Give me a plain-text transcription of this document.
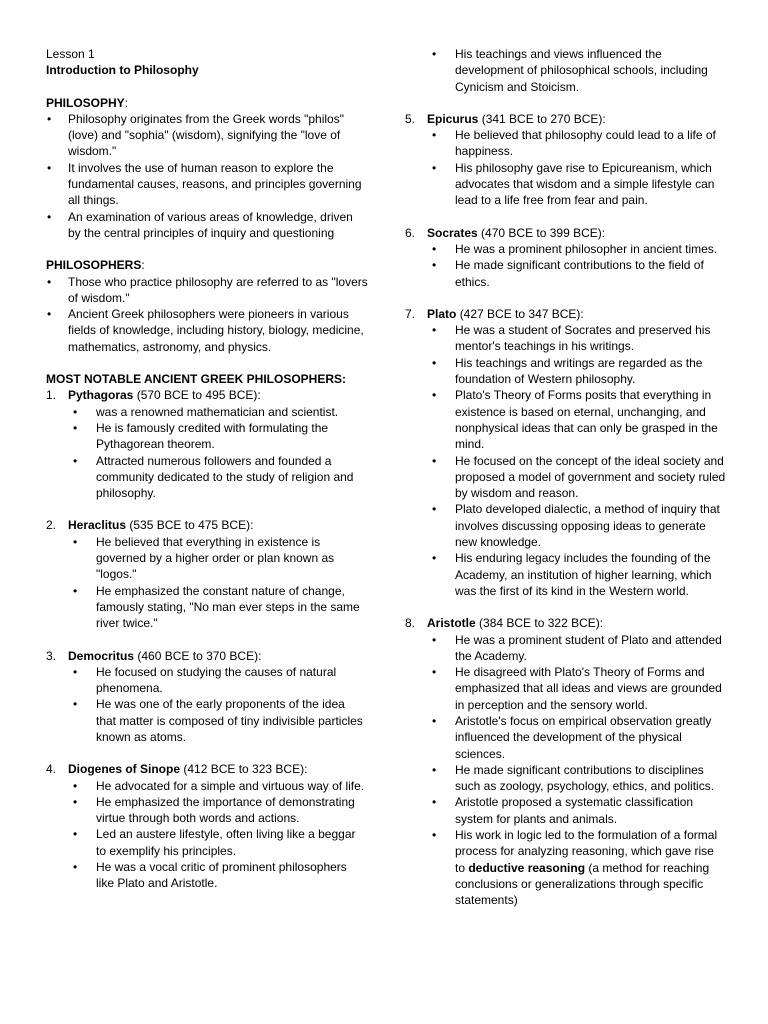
Lesson 1

Introduction to Philosophy

PHILOSOPHY:

• Philosophy originates from the Greek words "philos" (love) and "sophia" (wisdom), signifying the "love of wisdom."
• It involves the use of human reason to explore the fundamental causes, reasons, and principles governing all things.
• An examination of various areas of knowledge, driven by the central principles of inquiry and questioning

PHILOSOPHERS:

• Those who practice philosophy are referred to as "lovers of wisdom."
• Ancient Greek philosophers were pioneers in various fields of knowledge, including history, biology, medicine, mathematics, astronomy, and physics.

MOST NOTABLE ANCIENT GREEK PHILOSOPHERS:

1. Pythagoras (570 BCE to 495 BCE):

• was a renowned mathematician and scientist.
• He is famously credited with formulating the Pythagorean theorem.
• Attracted numerous followers and founded a community dedicated to the study of religion and philosophy.

2. Heraclitus (535 BCE to 475 BCE):

• He believed that everything in existence is governed by a higher order or plan known as "logos."
• He emphasized the constant nature of change, famously stating, "No man ever steps in the same river twice."

3. Democritus (460 BCE to 370 BCE):

• He focused on studying the causes of natural phenomena.
• He was one of the early proponents of the idea that matter is composed of tiny indivisible particles known as atoms.

4. Diogenes of Sinope (412 BCE to 323 BCE):

• He advocated for a simple and virtuous way of life.
• He emphasized the importance of demonstrating virtue through both words and actions.
• Led an austere lifestyle, often living like a beggar to exemplify his principles.
• He was a vocal critic of prominent philosophers like Plato and Aristotle.
• His teachings and views influenced the development of philosophical schools, including Cynicism and Stoicism.

5. Epicurus (341 BCE to 270 BCE):

• He believed that philosophy could lead to a life of happiness.
• His philosophy gave rise to Epicureanism, which advocates that wisdom and a simple lifestyle can lead to a life free from fear and pain.

6. Socrates (470 BCE to 399 BCE):

• He was a prominent philosopher in ancient times.
• He made significant contributions to the field of ethics.

7. Plato (427 BCE to 347 BCE):

• He was a student of Socrates and preserved his mentor's teachings in his writings.
• His teachings and writings are regarded as the foundation of Western philosophy.
• Plato's Theory of Forms posits that everything in existence is based on eternal, unchanging, and nonphysical ideas that can only be grasped in the mind.
• He focused on the concept of the ideal society and proposed a model of government and society ruled by wisdom and reason.
• Plato developed dialectic, a method of inquiry that involves discussing opposing ideas to generate new knowledge.
• His enduring legacy includes the founding of the Academy, an institution of higher learning, which was the first of its kind in the Western world.

8. Aristotle (384 BCE to 322 BCE):

• He was a prominent student of Plato and attended the Academy.
• He disagreed with Plato's Theory of Forms and emphasized that all ideas and views are grounded in perception and the sensory world.
• Aristotle's focus on empirical observation greatly influenced the development of the physical sciences.
• He made significant contributions to disciplines such as zoology, psychology, ethics, and politics.
• Aristotle proposed a systematic classification system for plants and animals.
• His work in logic led to the formulation of a formal process for analyzing reasoning, which gave rise to deductive reasoning (a method for reaching conclusions or generalizations through specific statements)
